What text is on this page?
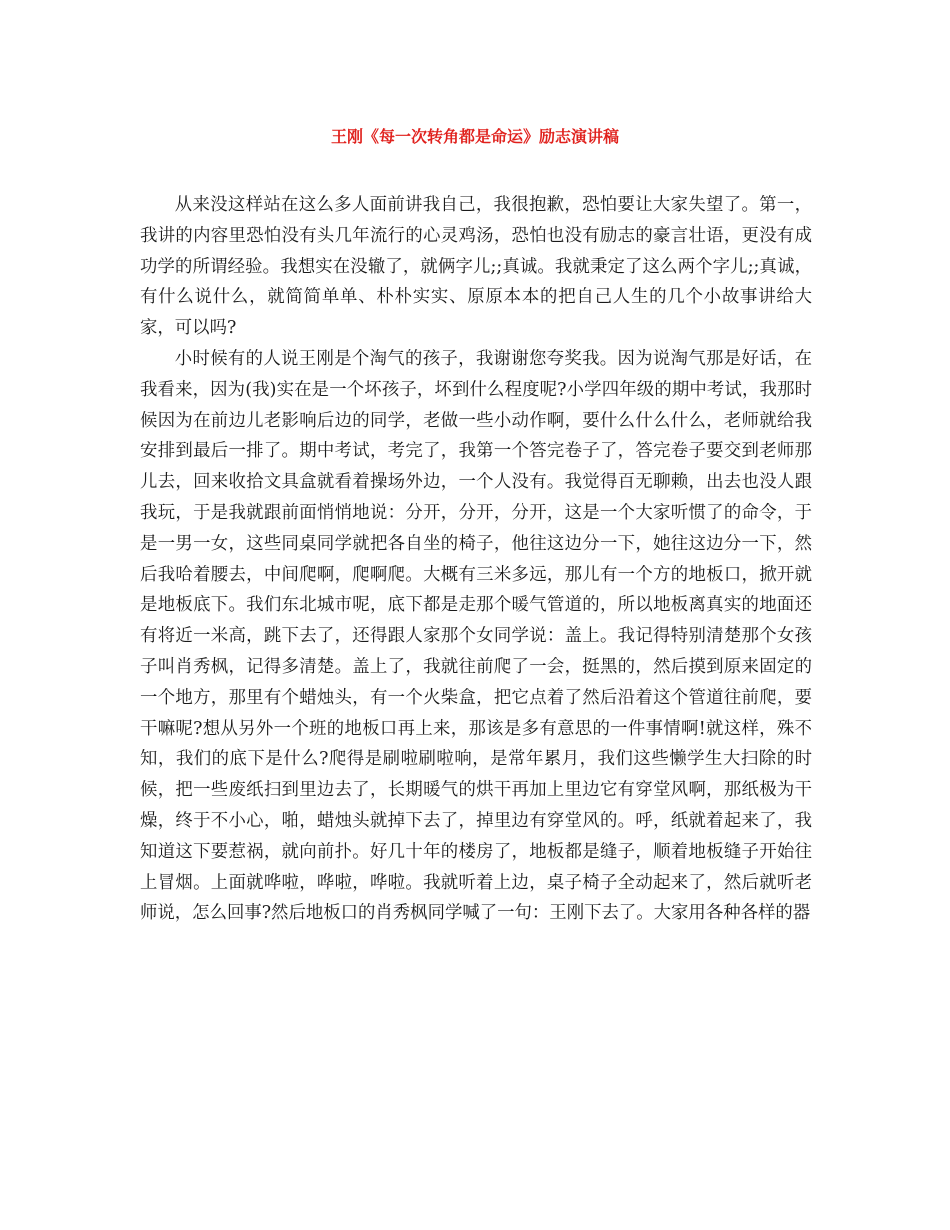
王刚《每一次转角都是命运》励志演讲稿

从来没这样站在这么多人面前讲我自己，我很抱歉，恐怕要让大家失望了。第一，我讲的内容里恐怕没有头几年流行的心灵鸡汤，恐怕也没有励志的豪言壮语，更没有成功学的所谓经验。我想实在没辙了，就俩字儿;;真诚。我就秉定了这么两个字儿;;真诚，有什么说什么，就简简单单、朴朴实实、原原本本的把自己人生的几个小故事讲给大家，可以吗?

小时候有的人说王刚是个淘气的孩子，我谢谢您夸奖我。因为说淘气那是好话，在我看来，因为(我)实在是一个坏孩子，坏到什么程度呢?小学四年级的期中考试，我那时候因为在前边儿老影响后边的同学，老做一些小动作啊，要什么什么什么，老师就给我安排到最后一排了。期中考试，考完了，我第一个答完卷子了，答完卷子要交到老师那儿去，回来收拾文具盒就看着操场外边，一个人没有。我觉得百无聊赖，出去也没人跟我玩，于是我就跟前面悄悄地说：分开，分开，分开，这是一个大家听惯了的命令，于是一男一女，这些同桌同学就把各自坐的椅子，他往这边分一下，她往这边分一下，然后我哈着腰去，中间爬啊，爬啊爬。大概有三米多远，那儿有一个方的地板口，掀开就是地板底下。我们东北城市呢，底下都是走那个暖气管道的，所以地板离真实的地面还有将近一米高，跳下去了，还得跟人家那个女同学说：盖上。我记得特别清楚那个女孩子叫肖秀枫，记得多清楚。盖上了，我就往前爬了一会，挺黑的，然后摸到原来固定的一个地方，那里有个蜡烛头，有一个火柴盒，把它点着了然后沿着这个管道往前爬，要干嘛呢?想从另外一个班的地板口再上来，那该是多有意思的一件事情啊!就这样，殊不知，我们的底下是什么?爬得是刷啦刷啦响，是常年累月，我们这些懒学生大扫除的时候，把一些废纸扫到里边去了，长期暖气的烘干再加上里边它有穿堂风啊，那纸极为干燥，终于不小心，啪，蜡烛头就掉下去了，掉里边有穿堂风的。呼，纸就着起来了，我知道这下要惹祸，就向前扑。好几十年的楼房了，地板都是缝子，顺着地板缝子开始往上冒烟。上面就哗啦，哗啦，哗啦。我就听着上边，桌子椅子全动起来了，然后就听老师说，怎么回事?然后地板口的肖秀枫同学喊了一句：王刚下去了。大家用各种各样的器
